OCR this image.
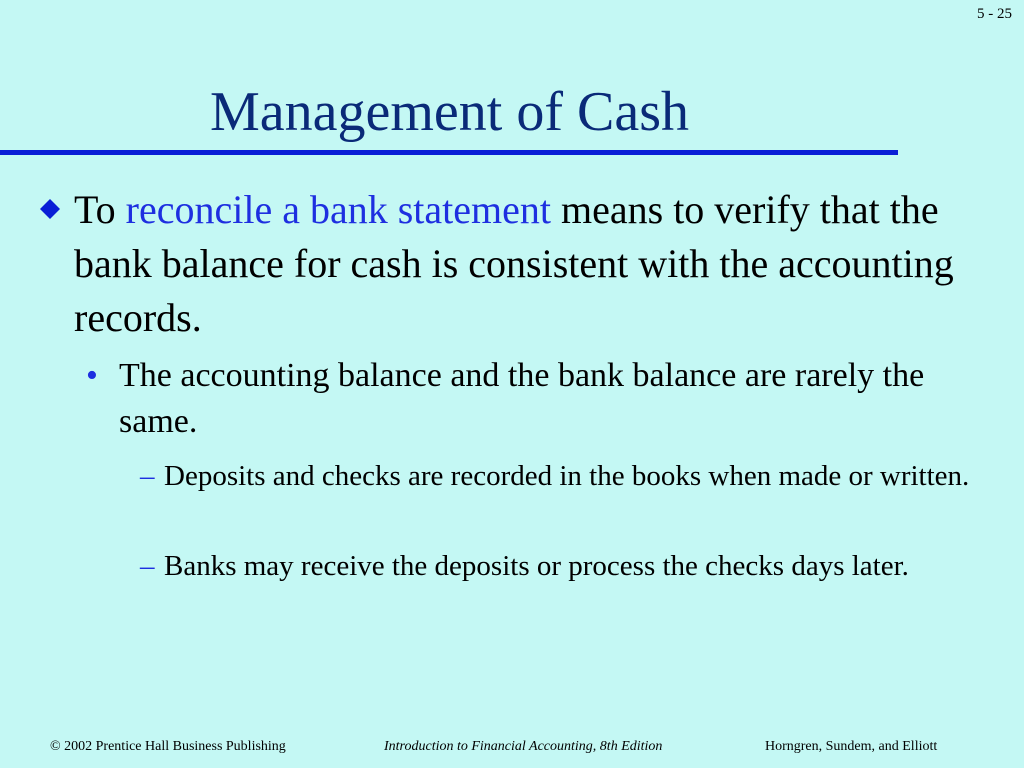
5 - 25
Management of Cash
To reconcile a bank statement means to verify that the bank balance for cash is consistent with the accounting records.
• The accounting balance and the bank balance are rarely the same.
– Deposits and checks are recorded in the books when made or written.
– Banks may receive the deposits or process the checks days later.
© 2002 Prentice Hall Business Publishing	Introduction to Financial Accounting, 8th Edition	Horngren, Sundem, and Elliott
